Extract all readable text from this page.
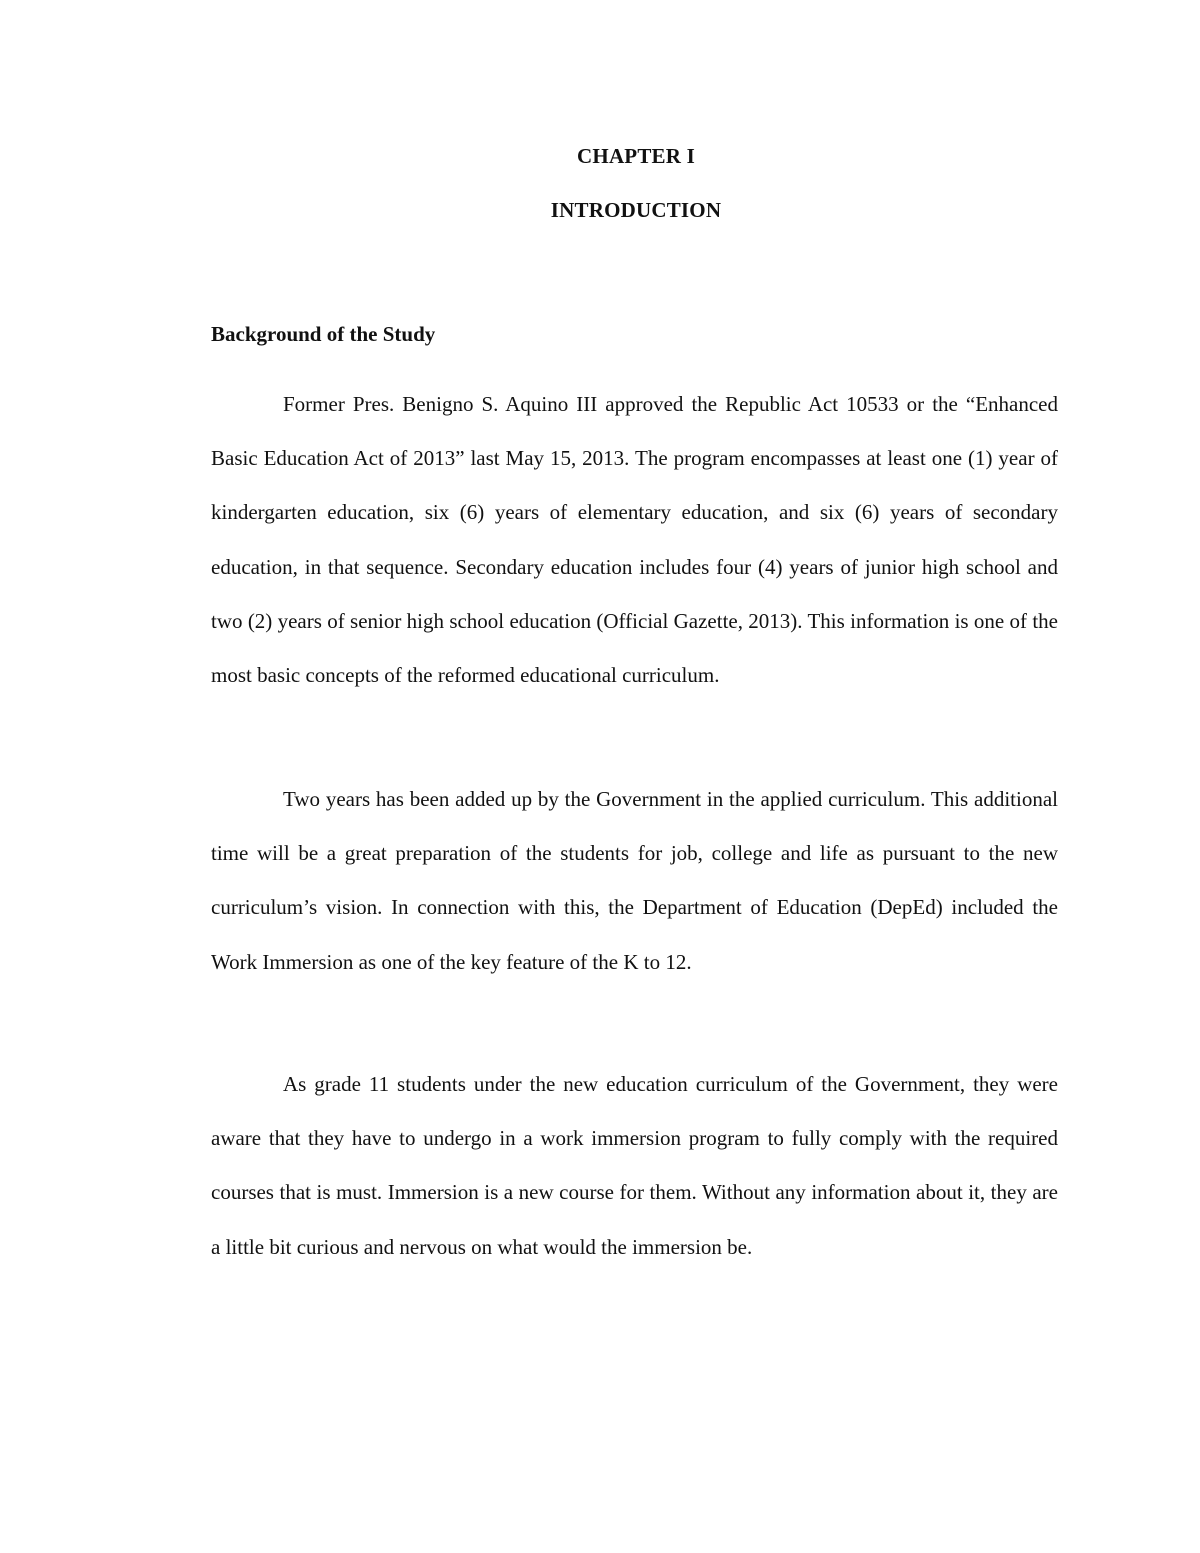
CHAPTER I
INTRODUCTION
Background of the Study

Former Pres. Benigno S. Aquino III approved the Republic Act 10533 or the “Enhanced Basic Education Act of 2013” last May 15, 2013. The program encompasses at least one (1) year of kindergarten education, six (6) years of elementary education, and six (6) years of secondary education, in that sequence. Secondary education includes four (4) years of junior high school and two (2) years of senior high school education (Official Gazette, 2013). This information is one of the most basic concepts of the reformed educational curriculum.

Two years has been added up by the Government in the applied curriculum. This additional time will be a great preparation of the students for job, college and life as pursuant to the new curriculum’s vision. In connection with this, the Department of Education (DepEd) included the Work Immersion as one of the key feature of the K to 12.

As grade 11 students under the new education curriculum of the Government, they were aware that they have to undergo in a work immersion program to fully comply with the required courses that is must. Immersion is a new course for them. Without any information about it, they are a little bit curious and nervous on what would the immersion be.
